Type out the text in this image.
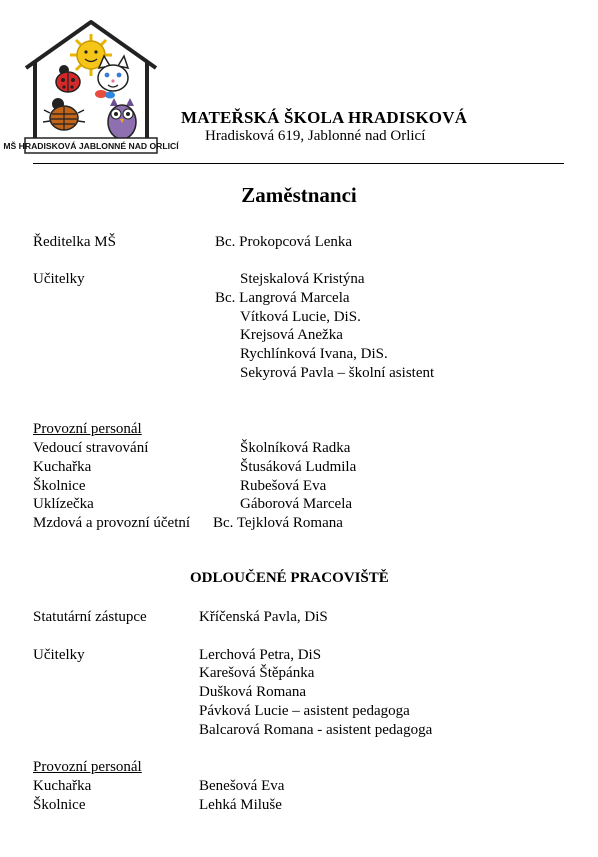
MŠ HRADISKOVÁ JABLONNÉ NAD ORLICÍ
MATEŘSKÁ ŠKOLA HRADISKOVÁ
Hradisková 619, Jablonné nad Orlicí
Zaměstnanci
Ředitelka MŠ	Bc. Prokopcová Lenka
Učitelky	Stejskalová Kristýna
Bc. Langrová Marcela
Vítková Lucie, DiS.
Krejsová Anežka
Rychlínková Ivana, DiS.
Sekyrová Pavla – školní asistent
Provozní personál
Vedoucí stravování	Školníková Radka
Kuchařka	Štusáková Ludmila
Školnice	Rubešová Eva
Uklízečka	Gáborová Marcela
Mzdová a provozní účetní Bc. Tejklová Romana
ODLOUČENÉ PRACOVIŠTĚ
Statutární zástupce	Kříčenská Pavla, DiS
Učitelky	Lerchová Petra, DiS
Karešová Štěpánka
Dušková Romana
Pávková Lucie – asistent pedagoga
Balcarová Romana - asistent pedagoga
Provozní personál
Kuchařka	Benešová Eva
Školnice	Lehká Miluše
